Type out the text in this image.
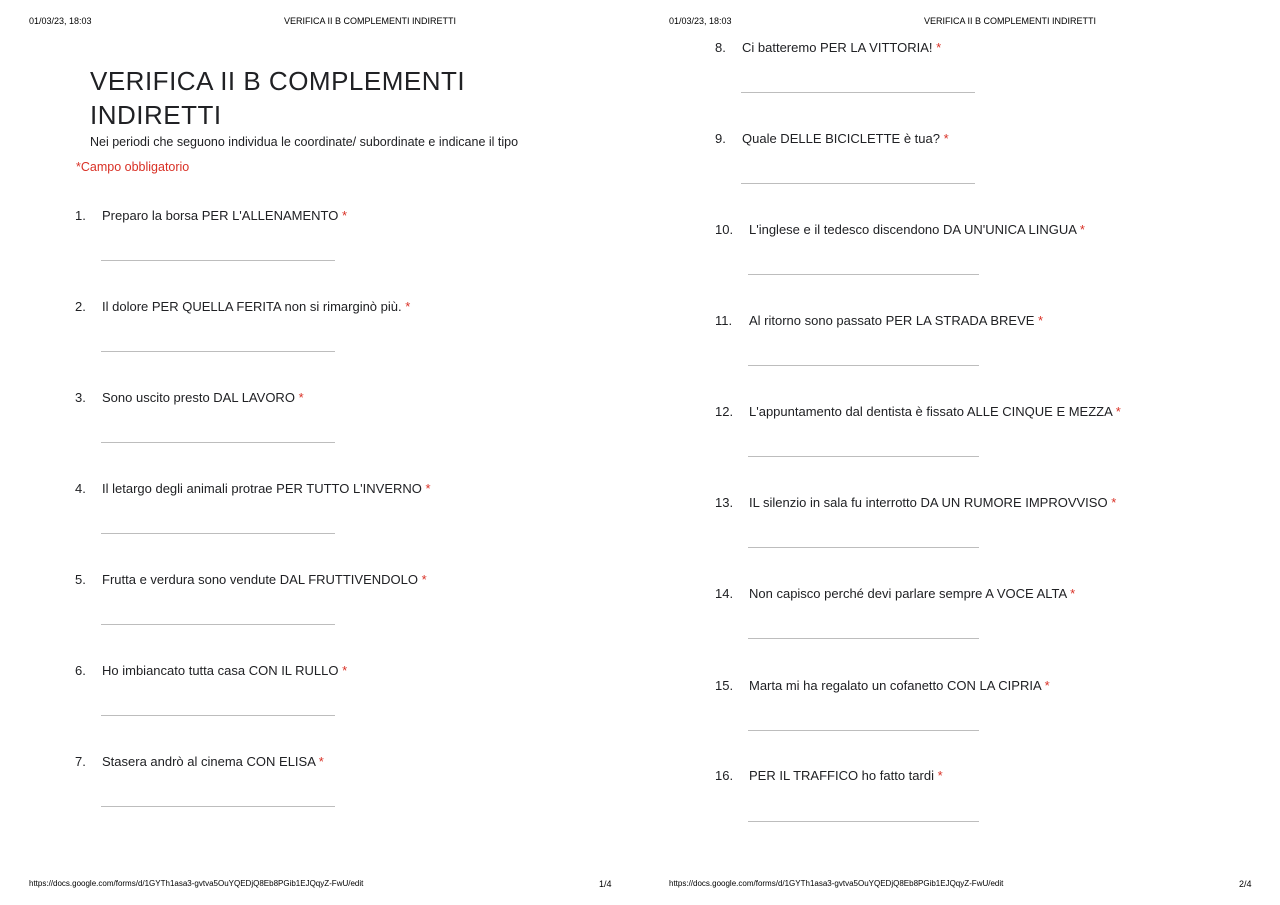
01/03/23, 18:03	VERIFICA II B COMPLEMENTI INDIRETTI
VERIFICA II B COMPLEMENTI INDIRETTI
Nei periodi che seguono individua le coordinate/ subordinate e indicane il tipo
*Campo obbligatorio
1. Preparo la borsa PER L'ALLENAMENTO *
2. Il dolore PER QUELLA FERITA non si rimarginò più. *
3. Sono uscito presto DAL LAVORO *
4. Il letargo degli animali protrae PER TUTTO L'INVERNO *
5. Frutta e verdura sono vendute DAL FRUTTIVENDOLO *
6. Ho imbiancato tutta casa CON IL RULLO *
7. Stasera andrò al cinema CON ELISA *
https://docs.google.com/forms/d/1GYTh1asa3-gvtva5OuYQEDjQ8Eb8PGib1EJQqyZ-FwU/edit	1/4
01/03/23, 18:03	VERIFICA II B COMPLEMENTI INDIRETTI
8. Ci batteremo PER LA VITTORIA! *
9. Quale DELLE BICICLETTE è tua? *
10. L'inglese e il tedesco discendono DA UN'UNICA LINGUA *
11. Al ritorno sono passato PER LA STRADA BREVE *
12. L'appuntamento dal dentista è fissato ALLE CINQUE E MEZZA *
13. IL silenzio in sala fu interrotto DA UN RUMORE IMPROVVISO *
14. Non capisco perché devi parlare sempre A VOCE ALTA *
15. Marta mi ha regalato un cofanetto CON LA CIPRIA *
16. PER IL TRAFFICO ho fatto tardi *
https://docs.google.com/forms/d/1GYTh1asa3-gvtva5OuYQEDjQ8Eb8PGib1EJQqyZ-FwU/edit	2/4
